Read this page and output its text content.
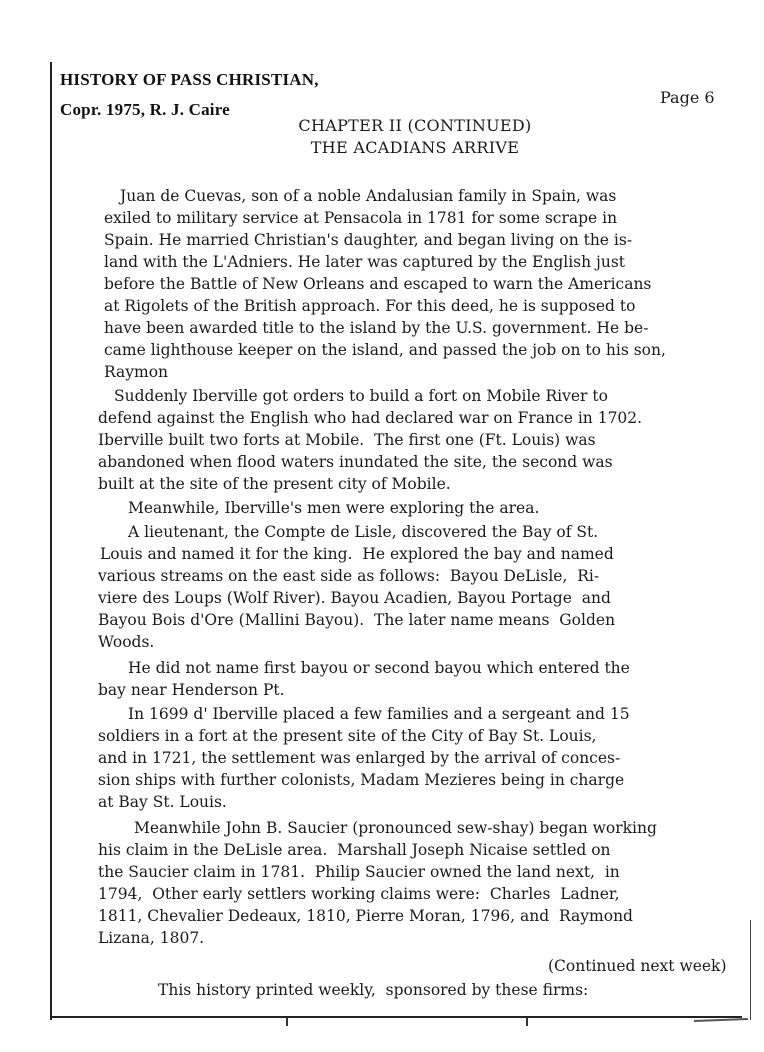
HISTORY OF PASS CHRISTIAN,
Copr. 1975, R. J. Caire
Page 6
CHAPTER II (CONTINUED)
THE ACADIANS ARRIVE
Juan de Cuevas, son of a noble Andalusian family in Spain, was
exiled to military service at Pensacola in 1781 for some scrape in
Spain. He married Christian's daughter, and began living on the is-
land with the L'Adniers. He later was captured by the English just
before the Battle of New Orleans and escaped to warn the Americans
at Rigolets of the British approach. For this deed, he is supposed to
have been awarded title to the island by the U.S. government. He be-
came lighthouse keeper on the island, and passed the job on to his son,
Raymon
Suddenly Iberville got orders to build a fort on Mobile River to
defend against the English who had declared war on France in 1702.
Iberville built two forts at Mobile.  The first one (Ft. Louis) was
abandoned when flood waters inundated the site, the second was
built at the site of the present city of Mobile.
Meanwhile, Iberville's men were exploring the area.
A lieutenant, the Compte de Lisle, discovered the Bay of St.
Louis and named it for the king.  He explored the bay and named
various streams on the east side as follows:  Bayou DeLisle,  Ri-
viere des Loups (Wolf River). Bayou Acadien, Bayou Portage  and
Bayou Bois d'Ore (Mallini Bayou).  The later name means  Golden
Woods.
He did not name first bayou or second bayou which entered the
bay near Henderson Pt.
In 1699 d' Iberville placed a few families and a sergeant and 15
soldiers in a fort at the present site of the City of Bay St. Louis,
and in 1721, the settlement was enlarged by the arrival of conces-
sion ships with further colonists, Madam Mezieres being in charge
at Bay St. Louis.
Meanwhile John B. Saucier (pronounced sew-shay) began working
his claim in the DeLisle area.  Marshall Joseph Nicaise settled on
the Saucier claim in 1781.  Philip Saucier owned the land next,  in
1794,  Other early settlers working claims were:  Charles  Ladner,
1811, Chevalier Dedeaux, 1810, Pierre Moran, 1796, and  Raymond
Lizana, 1807.
(Continued next week)
This history printed weekly,  sponsored by these firms:
